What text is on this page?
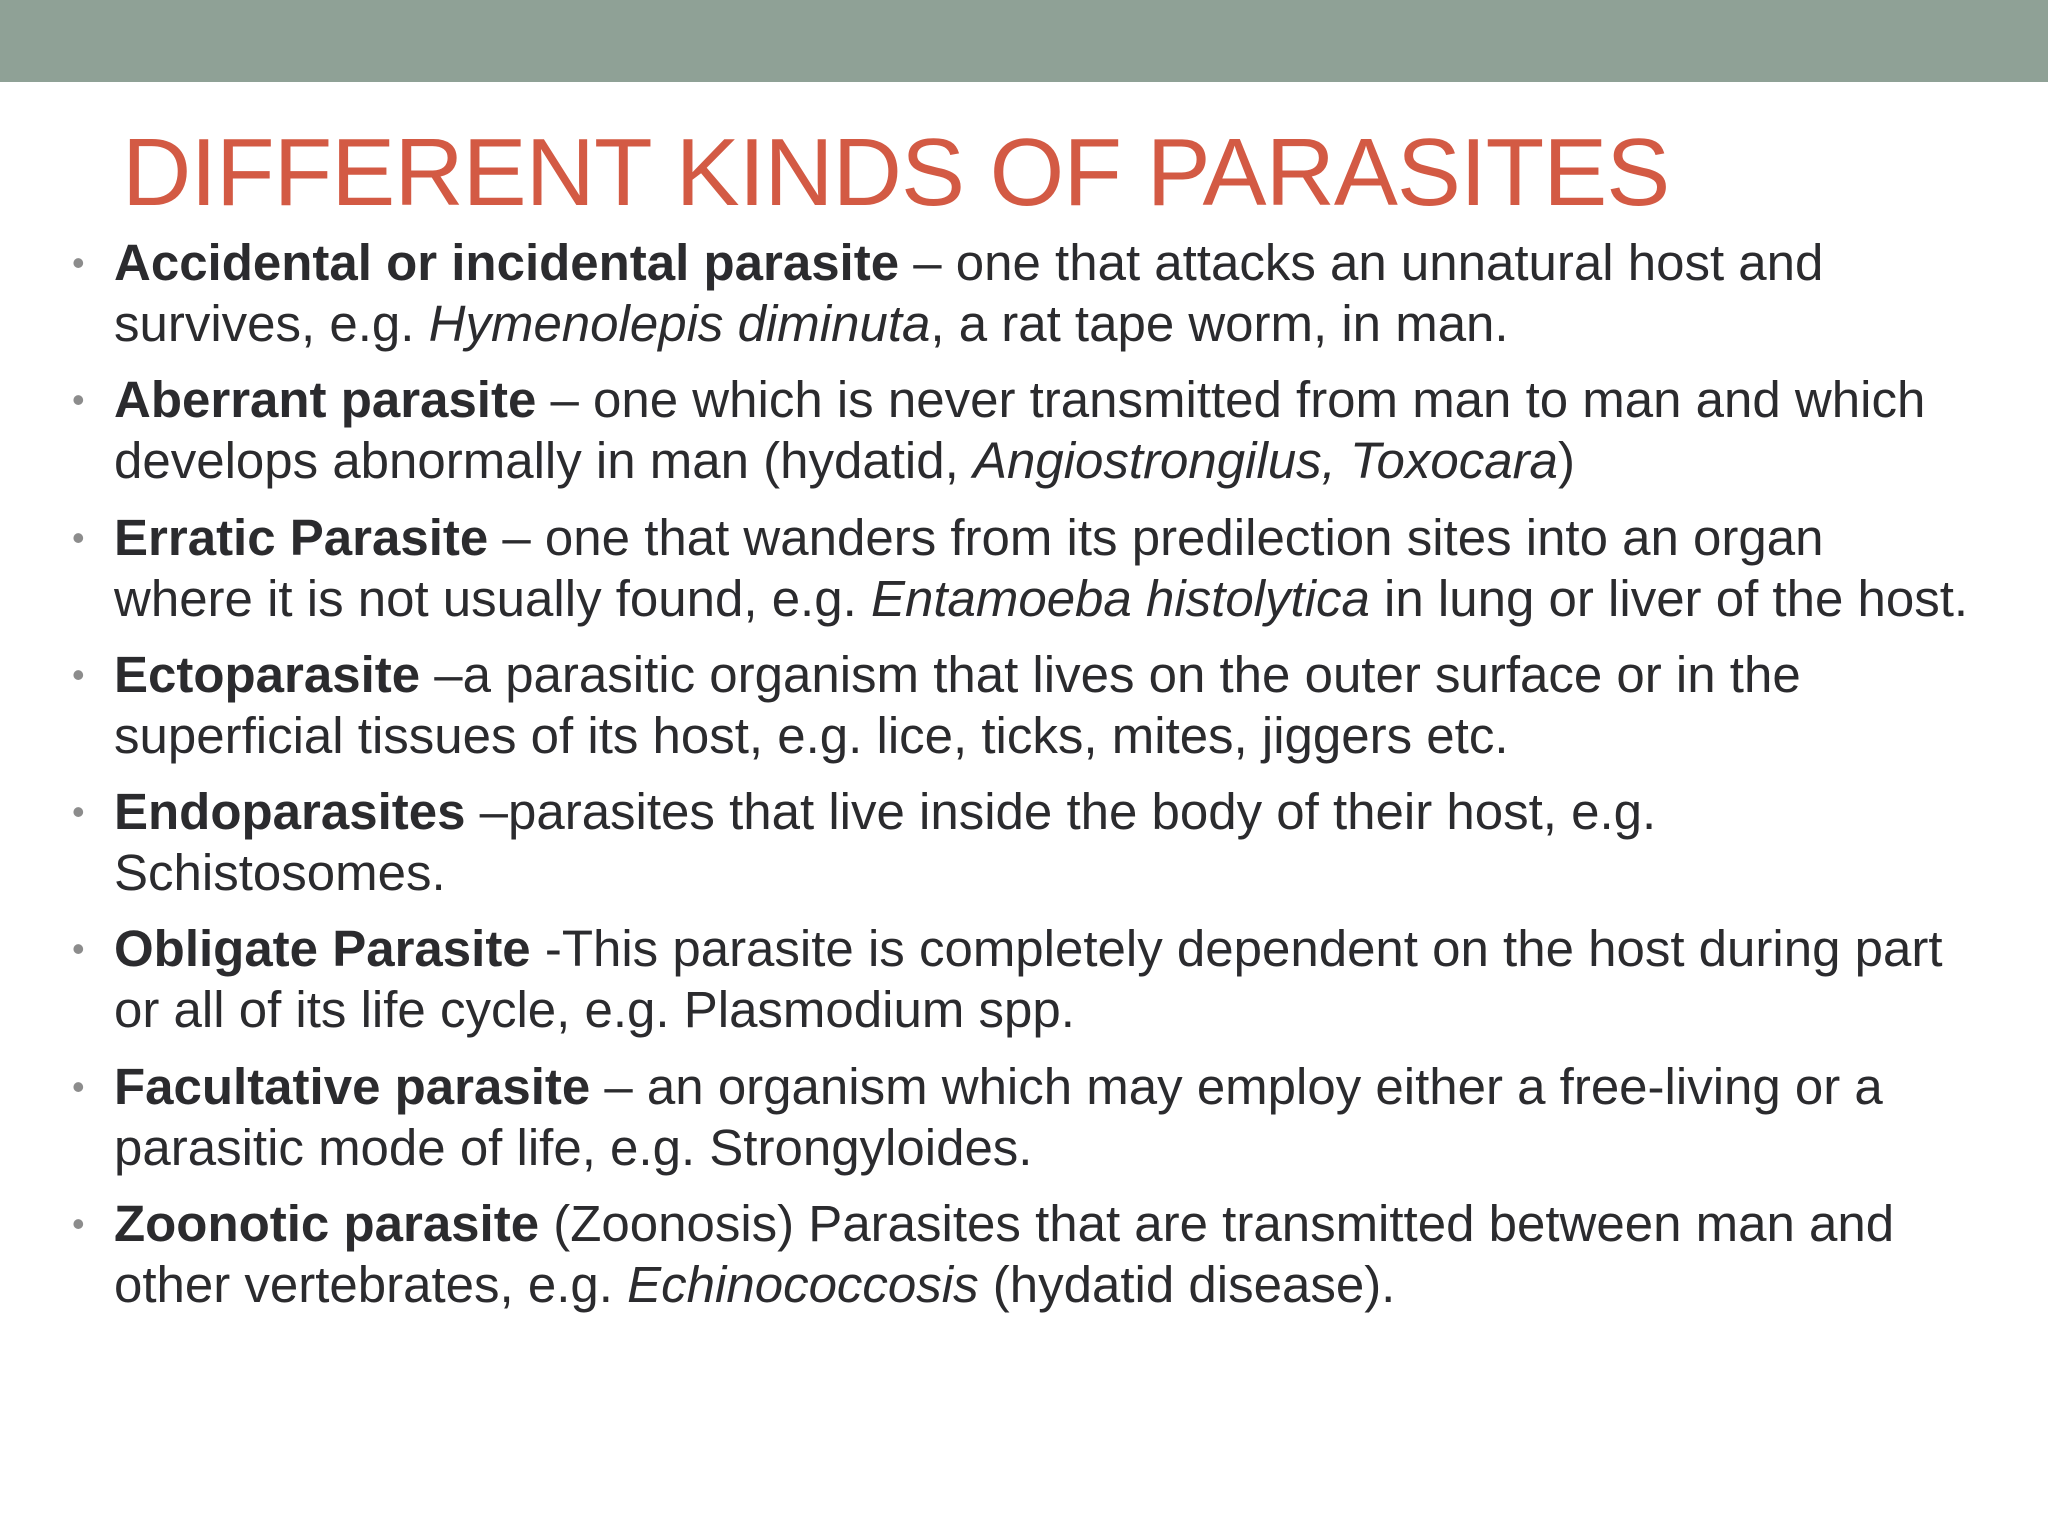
DIFFERENT KINDS OF PARASITES
• Accidental or incidental parasite – one that attacks an unnatural host and survives, e.g. Hymenolepis diminuta, a rat tape worm, in man.
• Aberrant parasite – one which is never transmitted from man to man and which develops abnormally in man (hydatid, Angiostrongilus, Toxocara)
• Erratic Parasite – one that wanders from its predilection sites into an organ where it is not usually found, e.g. Entamoeba histolytica in lung or liver of the host.
• Ectoparasite –a parasitic organism that lives on the outer surface or in the superficial tissues of its host, e.g. lice, ticks, mites, jiggers etc.
• Endoparasites –parasites that live inside the body of their host, e.g. Schistosomes.
• Obligate Parasite -This parasite is completely dependent on the host during part or all of its life cycle, e.g. Plasmodium spp.
• Facultative parasite – an organism which may employ either a free-living or a parasitic mode of life, e.g. Strongyloides.
• Zoonotic parasite (Zoonosis) Parasites that are transmitted between man and other vertebrates, e.g. Echinococcosis (hydatid disease).
